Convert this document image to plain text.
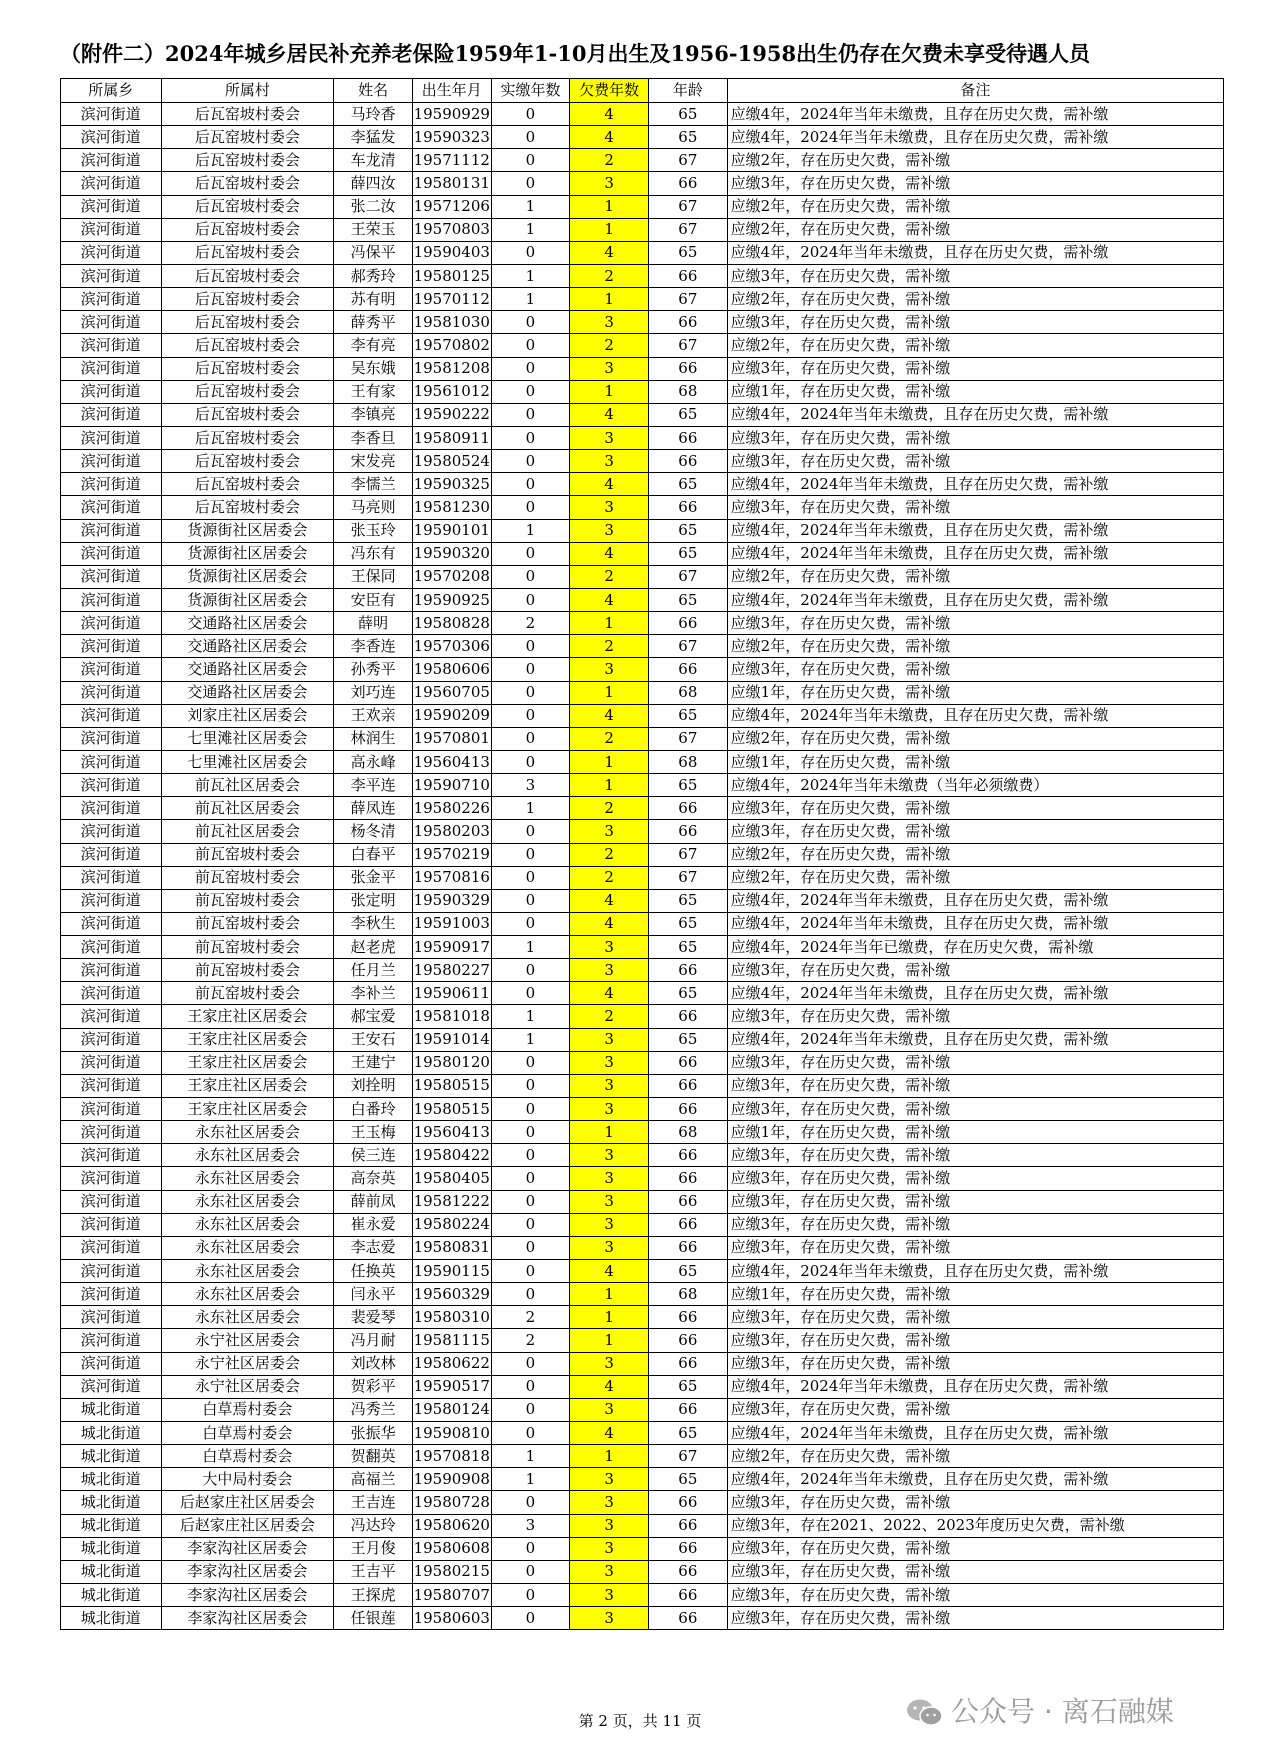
（附件二）2024年城乡居民补充养老保险1959年1-10月出生及1956-1958出生仍存在欠费未享受待遇人员
所属乡	所属村	姓名	出生年月	实缴年数	欠费年数	年龄	备注
滨河街道	后瓦窑坡村委会	马玲香	19590929	0	4	65	应缴4年，2024年当年未缴费，且存在历史欠费，需补缴
滨河街道	后瓦窑坡村委会	李猛发	19590323	0	4	65	应缴4年，2024年当年未缴费，且存在历史欠费，需补缴
滨河街道	后瓦窑坡村委会	车龙清	19571112	0	2	67	应缴2年，存在历史欠费，需补缴
滨河街道	后瓦窑坡村委会	薛四汝	19580131	0	3	66	应缴3年，存在历史欠费，需补缴
滨河街道	后瓦窑坡村委会	张二汝	19571206	1	1	67	应缴2年，存在历史欠费，需补缴
滨河街道	后瓦窑坡村委会	王荣玉	19570803	1	1	67	应缴2年，存在历史欠费，需补缴
滨河街道	后瓦窑坡村委会	冯保平	19590403	0	4	65	应缴4年，2024年当年未缴费，且存在历史欠费，需补缴
滨河街道	后瓦窑坡村委会	郝秀玲	19580125	1	2	66	应缴3年，存在历史欠费，需补缴
滨河街道	后瓦窑坡村委会	苏有明	19570112	1	1	67	应缴2年，存在历史欠费，需补缴
滨河街道	后瓦窑坡村委会	薛秀平	19581030	0	3	66	应缴3年，存在历史欠费，需补缴
滨河街道	后瓦窑坡村委会	李有亮	19570802	0	2	67	应缴2年，存在历史欠费，需补缴
滨河街道	后瓦窑坡村委会	吴东娥	19581208	0	3	66	应缴3年，存在历史欠费，需补缴
滨河街道	后瓦窑坡村委会	王有家	19561012	0	1	68	应缴1年，存在历史欠费，需补缴
滨河街道	后瓦窑坡村委会	李镇亮	19590222	0	4	65	应缴4年，2024年当年未缴费，且存在历史欠费，需补缴
滨河街道	后瓦窑坡村委会	李香旦	19580911	0	3	66	应缴3年，存在历史欠费，需补缴
滨河街道	后瓦窑坡村委会	宋发亮	19580524	0	3	66	应缴3年，存在历史欠费，需补缴
滨河街道	后瓦窑坡村委会	李懦兰	19590325	0	4	65	应缴4年，2024年当年未缴费，且存在历史欠费，需补缴
滨河街道	后瓦窑坡村委会	马亮则	19581230	0	3	66	应缴3年，存在历史欠费，需补缴
滨河街道	货源街社区居委会	张玉玲	19590101	1	3	65	应缴4年，2024年当年未缴费，且存在历史欠费，需补缴
滨河街道	货源街社区居委会	冯东有	19590320	0	4	65	应缴4年，2024年当年未缴费，且存在历史欠费，需补缴
滨河街道	货源街社区居委会	王保同	19570208	0	2	67	应缴2年，存在历史欠费，需补缴
滨河街道	货源街社区居委会	安臣有	19590925	0	4	65	应缴4年，2024年当年未缴费，且存在历史欠费，需补缴
滨河街道	交通路社区居委会	薛明	19580828	2	1	66	应缴3年，存在历史欠费，需补缴
滨河街道	交通路社区居委会	李香连	19570306	0	2	67	应缴2年，存在历史欠费，需补缴
滨河街道	交通路社区居委会	孙秀平	19580606	0	3	66	应缴3年，存在历史欠费，需补缴
滨河街道	交通路社区居委会	刘巧连	19560705	0	1	68	应缴1年，存在历史欠费，需补缴
滨河街道	刘家庄社区居委会	王欢亲	19590209	0	4	65	应缴4年，2024年当年未缴费，且存在历史欠费，需补缴
滨河街道	七里滩社区居委会	林润生	19570801	0	2	67	应缴2年，存在历史欠费，需补缴
滨河街道	七里滩社区居委会	高永峰	19560413	0	1	68	应缴1年，存在历史欠费，需补缴
滨河街道	前瓦社区居委会	李平连	19590710	3	1	65	应缴4年，2024年当年未缴费（当年必须缴费）
滨河街道	前瓦社区居委会	薛凤连	19580226	1	2	66	应缴3年，存在历史欠费，需补缴
滨河街道	前瓦社区居委会	杨冬清	19580203	0	3	66	应缴3年，存在历史欠费，需补缴
滨河街道	前瓦窑坡村委会	白春平	19570219	0	2	67	应缴2年，存在历史欠费，需补缴
滨河街道	前瓦窑坡村委会	张金平	19570816	0	2	67	应缴2年，存在历史欠费，需补缴
滨河街道	前瓦窑坡村委会	张定明	19590329	0	4	65	应缴4年，2024年当年未缴费，且存在历史欠费，需补缴
滨河街道	前瓦窑坡村委会	李秋生	19591003	0	4	65	应缴4年，2024年当年未缴费，且存在历史欠费，需补缴
滨河街道	前瓦窑坡村委会	赵老虎	19590917	1	3	65	应缴4年，2024年当年已缴费，存在历史欠费，需补缴
滨河街道	前瓦窑坡村委会	任月兰	19580227	0	3	66	应缴3年，存在历史欠费，需补缴
滨河街道	前瓦窑坡村委会	李补兰	19590611	0	4	65	应缴4年，2024年当年未缴费，且存在历史欠费，需补缴
滨河街道	王家庄社区居委会	郝宝爱	19581018	1	2	66	应缴3年，存在历史欠费，需补缴
滨河街道	王家庄社区居委会	王安石	19591014	1	3	65	应缴4年，2024年当年未缴费，且存在历史欠费，需补缴
滨河街道	王家庄社区居委会	王建宁	19580120	0	3	66	应缴3年，存在历史欠费，需补缴
滨河街道	王家庄社区居委会	刘拴明	19580515	0	3	66	应缴3年，存在历史欠费，需补缴
滨河街道	王家庄社区居委会	白番玲	19580515	0	3	66	应缴3年，存在历史欠费，需补缴
滨河街道	永东社区居委会	王玉梅	19560413	0	1	68	应缴1年，存在历史欠费，需补缴
滨河街道	永东社区居委会	侯三连	19580422	0	3	66	应缴3年，存在历史欠费，需补缴
滨河街道	永东社区居委会	高奈英	19580405	0	3	66	应缴3年，存在历史欠费，需补缴
滨河街道	永东社区居委会	薛前凤	19581222	0	3	66	应缴3年，存在历史欠费，需补缴
滨河街道	永东社区居委会	崔永爱	19580224	0	3	66	应缴3年，存在历史欠费，需补缴
滨河街道	永东社区居委会	李志爱	19580831	0	3	66	应缴3年，存在历史欠费，需补缴
滨河街道	永东社区居委会	任换英	19590115	0	4	65	应缴4年，2024年当年未缴费，且存在历史欠费，需补缴
滨河街道	永东社区居委会	闫永平	19560329	0	1	68	应缴1年，存在历史欠费，需补缴
滨河街道	永东社区居委会	裴爱琴	19580310	2	1	66	应缴3年，存在历史欠费，需补缴
滨河街道	永宁社区居委会	冯月耐	19581115	2	1	66	应缴3年，存在历史欠费，需补缴
滨河街道	永宁社区居委会	刘改林	19580622	0	3	66	应缴3年，存在历史欠费，需补缴
滨河街道	永宁社区居委会	贺彩平	19590517	0	4	65	应缴4年，2024年当年未缴费，且存在历史欠费，需补缴
城北街道	白草焉村委会	冯秀兰	19580124	0	3	66	应缴3年，存在历史欠费，需补缴
城北街道	白草焉村委会	张振华	19590810	0	4	65	应缴4年，2024年当年未缴费，且存在历史欠费，需补缴
城北街道	白草焉村委会	贺翻英	19570818	1	1	67	应缴2年，存在历史欠费，需补缴
城北街道	大中局村委会	高福兰	19590908	1	3	65	应缴4年，2024年当年未缴费，且存在历史欠费，需补缴
城北街道	后赵家庄社区居委会	王吉连	19580728	0	3	66	应缴3年，存在历史欠费，需补缴
城北街道	后赵家庄社区居委会	冯达玲	19580620	3	3	66	应缴3年，存在2021、2022、2023年度历史欠费，需补缴
城北街道	李家沟社区居委会	王月俊	19580608	0	3	66	应缴3年，存在历史欠费，需补缴
城北街道	李家沟社区居委会	王吉平	19580215	0	3	66	应缴3年，存在历史欠费，需补缴
城北街道	李家沟社区居委会	王探虎	19580707	0	3	66	应缴3年，存在历史欠费，需补缴
城北街道	李家沟社区居委会	任银莲	19580603	0	3	66	应缴3年，存在历史欠费，需补缴
第 2 页，共 11 页	公众号 · 离石融媒
